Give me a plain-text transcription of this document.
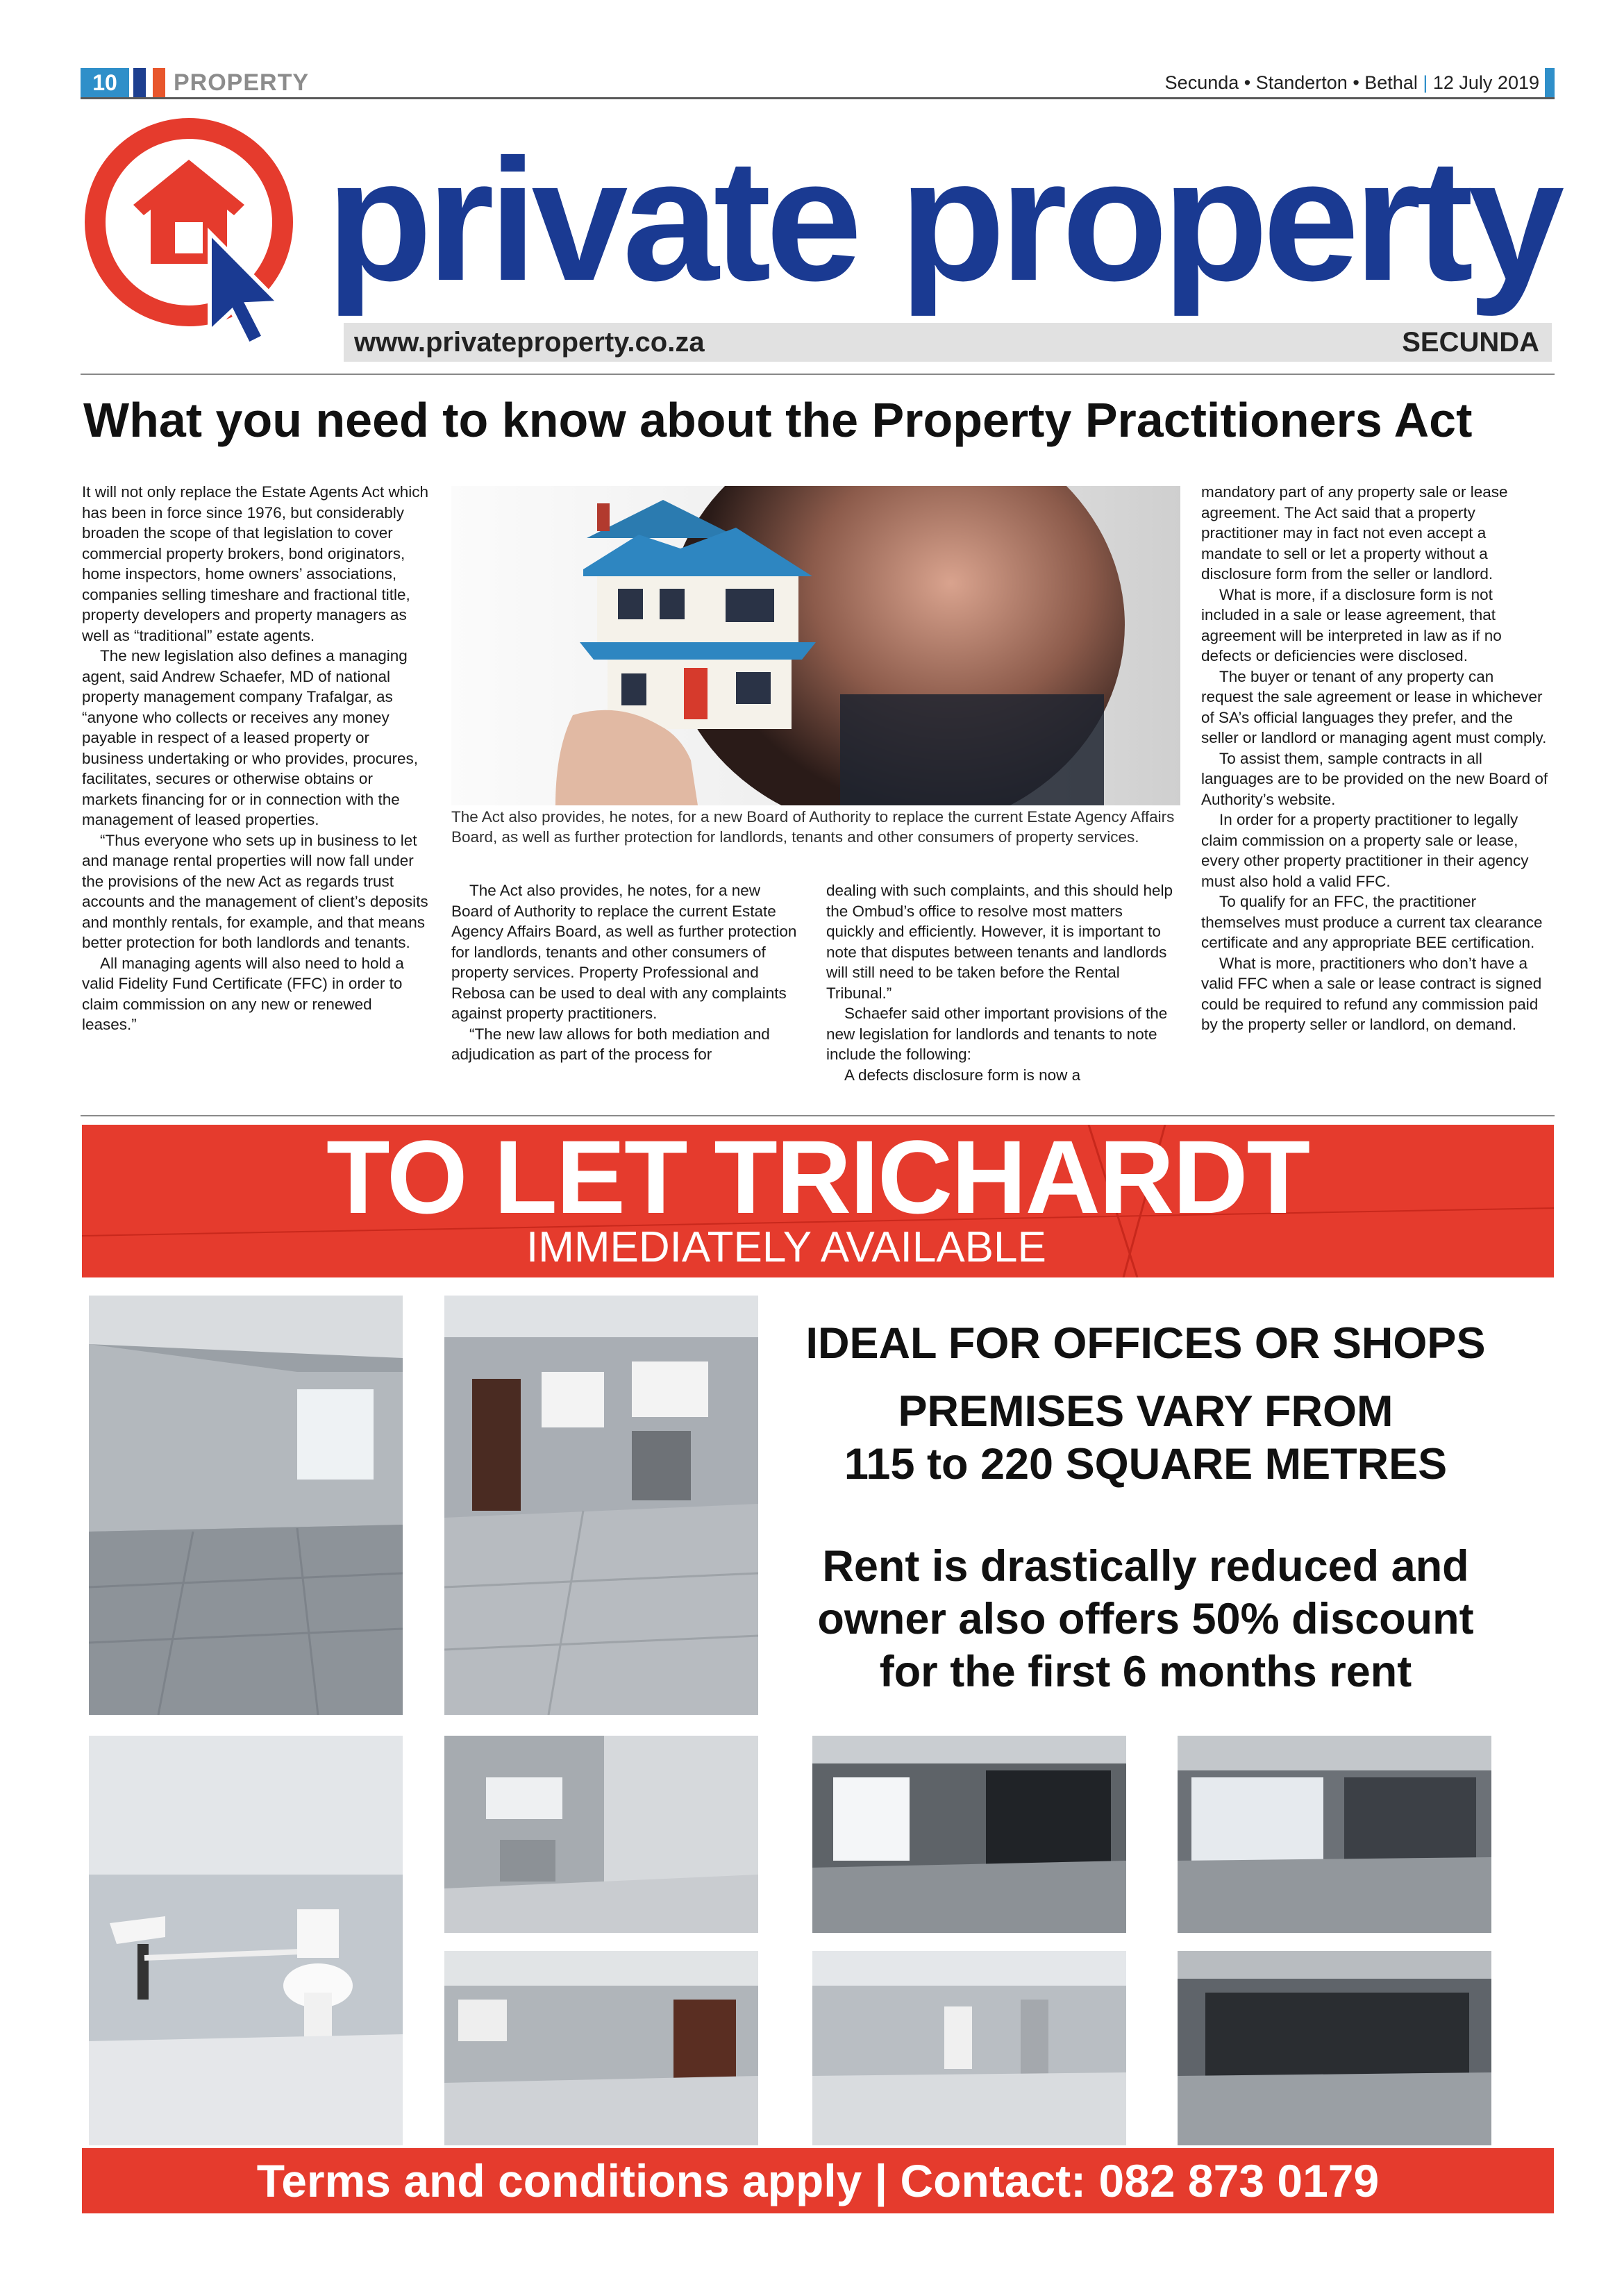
10	PROPERTY	Secunda • Standerton • Bethal | 12 July 2019
private property
www.privateproperty.co.za	SECUNDA
What you need to know about the Property Practitioners Act

It will not only replace the Estate Agents Act which has been in force since 1976, but considerably broaden the scope of that legislation to cover commercial property brokers, bond originators, home inspectors, home owners’ associations, companies selling timeshare and fractional title, property developers and property managers as well as “traditional” estate agents.

The new legislation also defines a managing agent, said Andrew Schaefer, MD of national property management company Trafalgar, as “anyone who collects or receives any money payable in respect of a leased property or business undertaking or who provides, procures, facilitates, secures or otherwise obtains or markets financing for or in connection with the management of leased properties.

“Thus everyone who sets up in business to let and manage rental properties will now fall under the provisions of the new Act as regards trust accounts and the management of client’s deposits and monthly rentals, for example, and that means better protection for both landlords and tenants.

All managing agents will also need to hold a valid Fidelity Fund Certificate (FFC) in order to claim commission on any new or renewed leases.”

The Act also provides, he notes, for a new Board of Authority to replace the current Estate Agency Affairs Board, as well as further protection for landlords, tenants and other consumers of property services.

The Act also provides, he notes, for a new Board of Authority to replace the current Estate Agency Affairs Board, as well as further protection for landlords, tenants and other consumers of property services. Property Professional and Rebosa can be used to deal with any complaints against property practitioners.

“The new law allows for both mediation and adjudication as part of the process for

dealing with such complaints, and this should help the Ombud’s office to resolve most matters quickly and efficiently. However, it is important to note that disputes between tenants and landlords will still need to be taken before the Rental Tribunal.”

Schaefer said other important provisions of the new legislation for landlords and tenants to note include the following:

A defects disclosure form is now a

mandatory part of any property sale or lease agreement. The Act said that a property practitioner may in fact not even accept a mandate to sell or let a property without a disclosure form from the seller or landlord.

What is more, if a disclosure form is not included in a sale or lease agreement, that agreement will be interpreted in law as if no defects or deficiencies were disclosed.

The buyer or tenant of any property can request the sale agreement or lease in whichever of SA’s official languages they prefer, and the seller or landlord or managing agent must comply.

To assist them, sample contracts in all languages are to be provided on the new Board of Authority’s website.

In order for a property practitioner to legally claim commission on a property sale or lease, every other property practitioner in their agency must also hold a valid FFC.

To qualify for an FFC, the practitioner themselves must produce a current tax clearance certificate and any appropriate BEE certification.

What is more, practitioners who don’t have a valid FFC when a sale or lease contract is signed could be required to refund any commission paid by the property seller or landlord, on demand.

TO LET TRICHARDT
IMMEDIATELY AVAILABLE
IDEAL FOR OFFICES OR SHOPS
PREMISES VARY FROM
115 to 220 SQUARE METRES
Rent is drastically reduced and
owner also offers 50% discount
for the first 6 months rent
Terms and conditions apply | Contact: 082 873 0179
